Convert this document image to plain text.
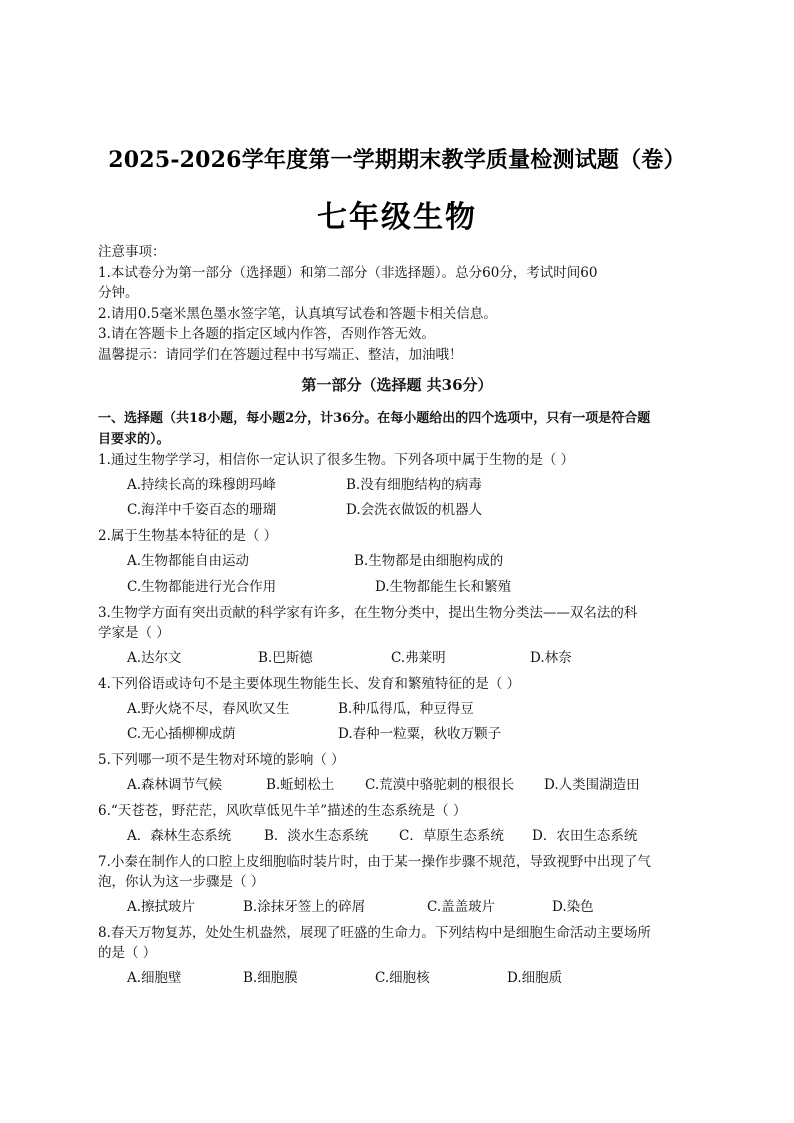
2025-2026学年度第一学期期末教学质量检测试题（卷）
七年级生物
注意事项：
1.本试卷分为第一部分（选择题）和第二部分（非选择题）。总分60分，考试时间60
分钟。
2.请用0.5毫米黑色墨水签字笔，认真填写试卷和答题卡相关信息。
3.请在答题卡上各题的指定区域内作答，否则作答无效。
温馨提示：请同学们在答题过程中书写端正、整洁，加油哦！
第一部分（选择题 共36分）
一、选择题（共18小题，每小题2分，计36分。在每小题给出的四个选项中，只有一项是符合题
目要求的）。
1.通过生物学学习，相信你一定认识了很多生物。下列各项中属于生物的是（ ）
A.持续长高的珠穆朗玛峰	B.没有细胞结构的病毒
C.海洋中千姿百态的珊瑚	D.会洗衣做饭的机器人
2.属于生物基本特征的是（ ）
A.生物都能自由运动	B.生物都是由细胞构成的
C.生物都能进行光合作用	D.生物都能生长和繁殖
3.生物学方面有突出贡献的科学家有许多，在生物分类中，提出生物分类法——双名法的科
学家是（ ）
A.达尔文	B.巴斯德	C.弗莱明	D.林奈
4.下列俗语或诗句不是主要体现生物能生长、发育和繁殖特征的是（ ）
A.野火烧不尽，春风吹又生	B.种瓜得瓜，种豆得豆
C.无心插柳柳成荫	D.春种一粒粟，秋收万颗子
5.下列哪一项不是生物对环境的影响（ ）
A.森林调节气候	B.蚯蚓松土 C.荒漠中骆驼刺的根很长 D.人类围湖造田
6.“天苍苍，野茫茫，风吹草低见牛羊”描述的生态系统是（ ）
A．森林生态系统 B．淡水生态系统 C．草原生态系统 D．农田生态系统
7.小秦在制作人的口腔上皮细胞临时装片时，由于某一操作步骤不规范，导致视野中出现了气
泡，你认为这一步骤是（ ）
A.擦拭玻片	B.涂抹牙签上的碎屑	C.盖盖玻片	D.染色
8.春天万物复苏，处处生机盎然，展现了旺盛的生命力。下列结构中是细胞生命活动主要场所
的是（ ）
A.细胞壁	B.细胞膜	C.细胞核	D.细胞质
